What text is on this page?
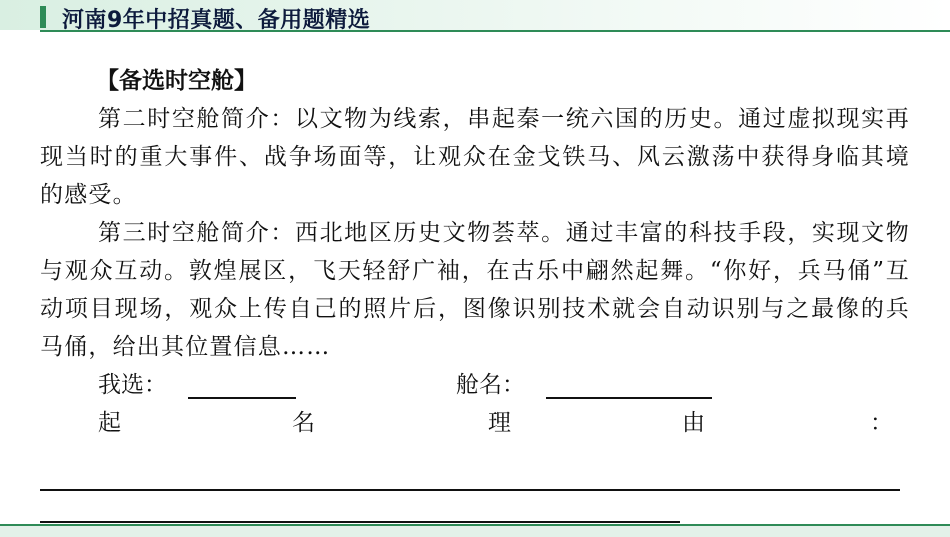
河南9年中招真题、备用题精选
【备选时空舱】

第二时空舱简介：以文物为线索，串起秦一统六国的历史。通过虚拟现实再现当时的重大事件、战争场面等，让观众在金戈铁马、风云激荡中获得身临其境的感受。

第三时空舱简介：西北地区历史文物荟萃。通过丰富的科技手段，实现文物与观众互动。敦煌展区，飞天轻舒广袖，在古乐中翩然起舞。“你好，兵马俑”互动项目现场，观众上传自己的照片后，图像识别技术就会自动识别与之最像的兵马俑，给出其位置信息……

我选：	舱名：
起	名	理	由	：
